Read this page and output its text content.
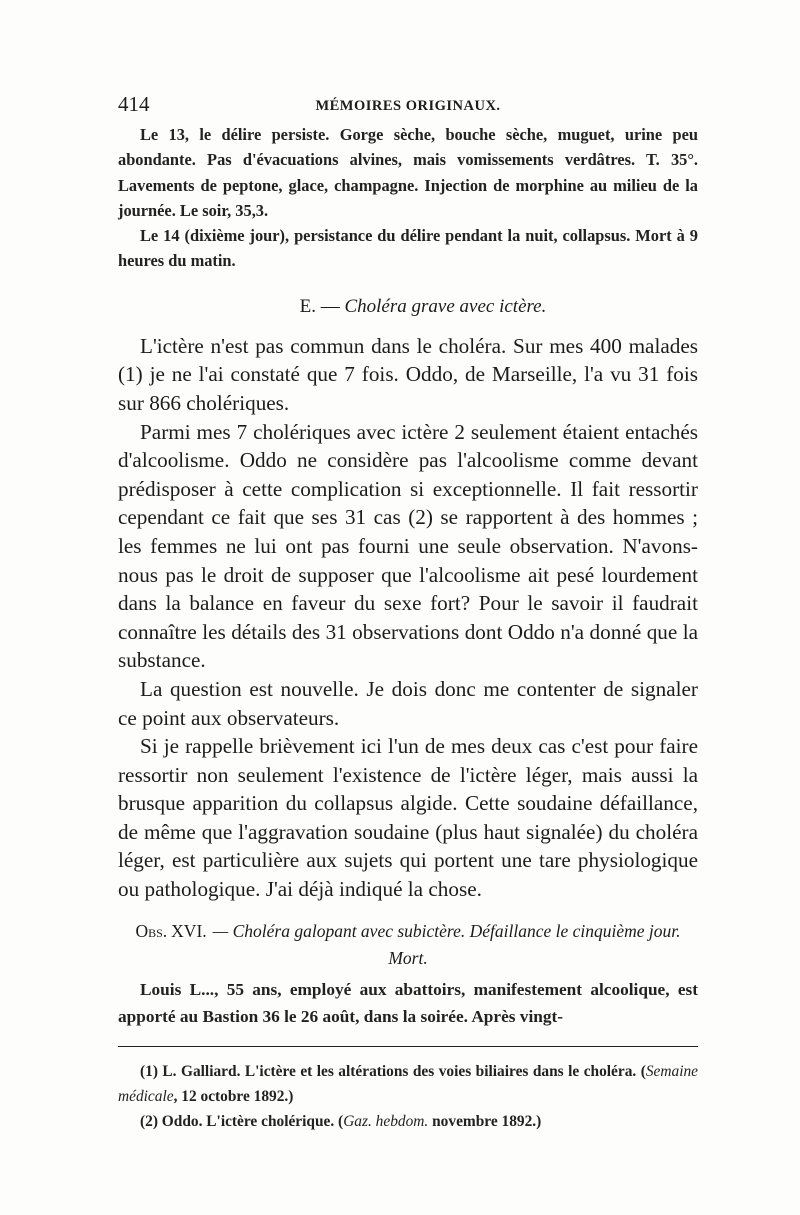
414	MÉMOIRES ORIGINAUX.

Le 13, le délire persiste. Gorge sèche, bouche sèche, muguet, urine peu abondante. Pas d'évacuations alvines, mais vomissements verdâtres. T. 35°. Lavements de peptone, glace, champagne. Injection de morphine au milieu de la journée. Le soir, 35,3.

Le 14 (dixième jour), persistance du délire pendant la nuit, collapsus. Mort à 9 heures du matin.

E. — Choléra grave avec ictère.

L'ictère n'est pas commun dans le choléra. Sur mes 400 malades (1) je ne l'ai constaté que 7 fois. Oddo, de Marseille, l'a vu 31 fois sur 866 cholériques.

Parmi mes 7 cholériques avec ictère 2 seulement étaient entachés d'alcoolisme. Oddo ne considère pas l'alcoolisme comme devant prédisposer à cette complication si exceptionnelle. Il fait ressortir cependant ce fait que ses 31 cas (2) se rapportent à des hommes ; les femmes ne lui ont pas fourni une seule observation. N'avons-nous pas le droit de supposer que l'alcoolisme ait pesé lourdement dans la balance en faveur du sexe fort? Pour le savoir il faudrait connaître les détails des 31 observations dont Oddo n'a donné que la substance.

La question est nouvelle. Je dois donc me contenter de signaler ce point aux observateurs.

Si je rappelle brièvement ici l'un de mes deux cas c'est pour faire ressortir non seulement l'existence de l'ictère léger, mais aussi la brusque apparition du collapsus algide. Cette soudaine défaillance, de même que l'aggravation soudaine (plus haut signalée) du choléra léger, est particulière aux sujets qui portent une tare physiologique ou pathologique. J'ai déjà indiqué la chose.

Obs. XVI. — Choléra galopant avec subictère. Défaillance le cinquième jour. Mort.

Louis L..., 55 ans, employé aux abattoirs, manifestement alcoolique, est apporté au Bastion 36 le 26 août, dans la soirée. Après vingt-

(1) L. Galliard. L'ictère et les altérations des voies biliaires dans le choléra. (Semaine médicale, 12 octobre 1892.)

(2) Oddo. L'ictère cholérique. (Gaz. hebdom. novembre 1892.)
